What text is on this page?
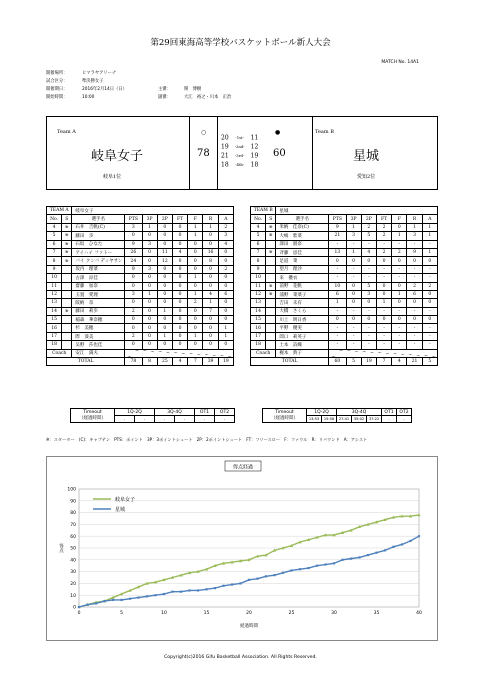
第29回東海高等学校バスケットボール新人大会
MATCH No. 14A1
開催場所：	ヒマラヤアリーナ
試合区分：	準決勝女子
開催期日：	2016年2月14日（日）
開始時間：	10:00
主審：	関　博樹
副審：	大江　裕之・川本　正治
Team A
岐阜女子
岐阜1位
○
78
●
60
20 -1st- 11
19 -2nd- 12
21 -3rd- 19
18 -4th- 18
Team B
星城
愛知2位
TEAM A		岐阜女子							
No.	S	選手名	PTS	3P	2P	FT	F	R	A
4	※	石井　吉帆(C)	3	1	0	0	1	1	2
5	※	藤田　歩	0	0	0	0	1	0	3
6	※	石坂　ひなた	9	3	0	0	0	0	4
7	※	アイハイ ファトー	26	0	11	4	0	16	0
8	※	バイ クンバ ディヤサン	24	0	12	0	0	8	0
9		坂内　理菜	9	3	0	0	0	0	2
10		古澤　涼佳	0	0	0	0	1	0	0
11		齋藤　加奈	0	0	0	0	0	0	0
12		玉置　愛理	3	1	0	0	1	4	6
13		阪納　奈	0	0	0	0	2	1	0
14	※	藤田　莉歩	2	0	1	0	0	7	0
15		稲森　華奈穂	0	0	0	0	0	0	0
16		杉　美穂	0	0	0	0	0	0	1
17		際　葵美	2	0	1	0	1	0	1
18		吴野　莎也佳	0	0	0	0	0	0	0
Coach		安江　満夫							
TOTAL			78	8	25	4	7	39	19
TEAM B		星城							
No.	S	選手名	PTS	3P	2P	FT	F	R	A
4	※	米納　佳奈(C)	9	1	2	2	0	1	1
5	※	大嶋　紫菜	21	3	5	2	1	3	1
6		澤田　朋奈	-	-	-	-	-	-	-
7	※	斉藤　思佳	13	1	4	2	2	9	1
8		足道　菜	0	0	0	0	0	0	0
9		望月　理沙	-	-	-	-	-	-	-
10		来　優衣	-	-	-	-	-	-	-
11	※	前野　花帆	10	0	5	0	0	2	2
12	※	浦野　菜菜子	6	0	3	0	1	6	0
13		吉田　未有	1	0	0	1	0	0	0
14		大橋　さくら	-	-	-	-	-	-	-
15		川上　明日香	0	0	0	0	0	0	0
16		平野　優実	-	-	-	-	-	-	-
17		間口　莉英子	-	-	-	-	-	-	-
18		土本　詩織	-	-	-	-	-	-	-
Coach		梶本　典子							
TOTAL			60	5	19	7	4	21	5
Timeout
（経過時間）	1Q-2Q		3Q-4Q		OT1	OT2
	-	-	-	-	-	-
Timeout
（経過時間）	1Q-2Q		3Q-4Q			OT1	OT2
	13:53	15:58	27:41	35:02	37:22	-	-
※：スターター　(C)：キャプテン　PTS：ポイント　3P：3ポイントシュート　2P：2ポイントシュート　FT：フリースロー　F：ファウル　R：リバウンド　A：アシスト
得点経過
0
10
20
30
40
50
60
70
80
90
100
0	5	10	15	20	25	30	35	40
経過時間
得点
岐阜女子
星城
Copyright(c)2016 Gifu Basketball Association. All Rights Reserved.
